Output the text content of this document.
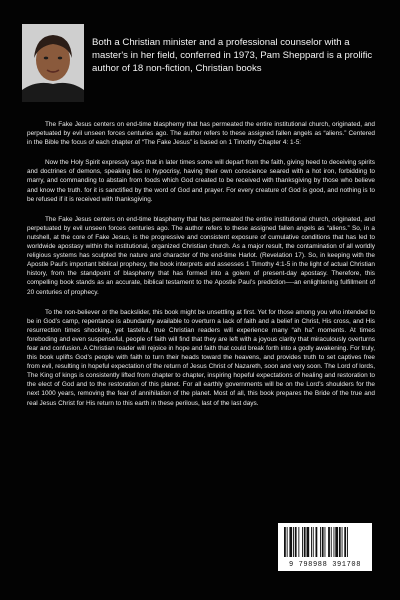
Both a Christian minister and a professional counselor with a master's in her field, conferred in 1973, Pam Sheppard is a prolific author of 18 non-fiction, Christian books

The Fake Jesus centers on end-time blasphemy that has permeated the entire institutional church, originated, and perpetuated by evil unseen forces centuries ago. The author refers to these assigned fallen angels as “aliens.” Centered in the Bible the focus of each chapter of “The Fake Jesus” is based on 1 Timothy Chapter 4: 1-5:

Now the Holy Spirit expressly says that in later times some will depart from the faith, giving heed to deceiving spirits and doctrines of demons, speaking lies in hypocrisy, having their own conscience seared with a hot iron, forbidding to marry, and commanding to abstain from foods which God created to be received with thanksgiving by those who believe and know the truth. for it is sanctified by the word of God and prayer. For every creature of God is good, and nothing is to be refused if it is received with thanksgiving.

The Fake Jesus centers on end-time blasphemy that has permeated the entire institutional church, originated, and perpetuated by evil unseen forces centuries ago. The author refers to these assigned fallen angels as “aliens.” So, in a nutshell, at the core of Fake Jesus, is the progressive and consistent exposure of cumulative conditions that has led to worldwide apostasy within the institutional, organized Christian church. As a major result, the contamination of all worldly religious systems has sculpted the nature and character of the end-time Harlot. (Revelation 17). So, in keeping with the Apostle Paul’s important biblical prophecy, the book interprets and assesses 1 Timothy 4:1-5 in the light of actual Christian history, from the standpoint of blasphemy that has formed into a golem of present-day apostasy. Therefore, this compelling book stands as an accurate, biblical testament to the Apostle Paul’s prediction—-an enlightening fulfillment of 20 centuries of prophecy.

To the non-believer or the backslider, this book might be unsettling at first. Yet for those among you who intended to be in God’s camp, repentance is abundantly available to overturn a lack of faith and a belief in Christ, His cross, and His resurrection times shocking, yet tasteful, true Christian readers will experience many “ah ha” moments. At times foreboding and even suspenseful, people of faith will find that they are left with a joyous clarity that miraculously overturns fear and confusion. A Christian reader will rejoice in hope and faith that could break forth into a godly awakening. For truly, this book uplifts God’s people with faith to turn their heads toward the heavens, and provides truth to set captives free from evil, resulting in hopeful expectation of the return of Jesus Christ of Nazareth, soon and very soon. The Lord of lords, The King of kings is consistently lifted from chapter to chapter, inspiring hopeful expectations of healing and restoration to the elect of God and to the restoration of this planet. For all earthly governments will be on the Lord’s shoulders for the next 1000 years, removing the fear of annihilation of the planet. Most of all, this book prepares the Bride of the true and real Jesus Christ for His return to this earth in these perilous, last of the last days.

9 798988 391708
